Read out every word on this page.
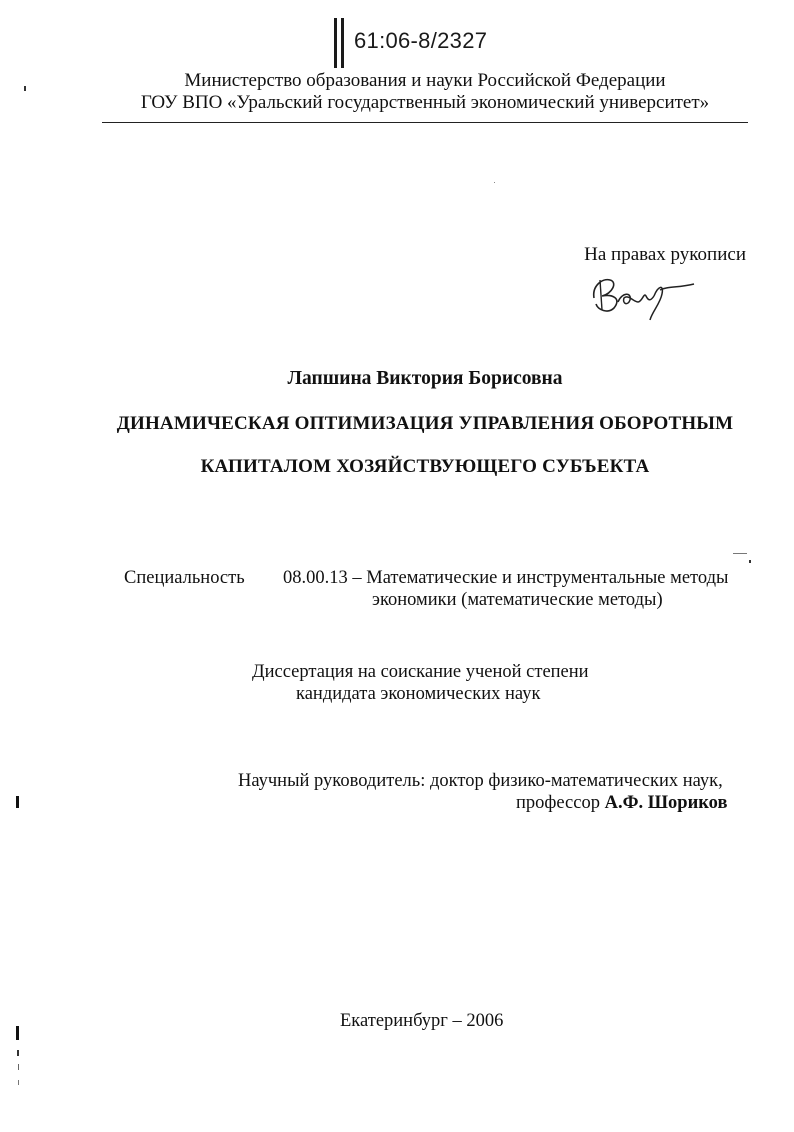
61:06-8/2327
Министерство образования и науки Российской Федерации
ГОУ ВПО «Уральский государственный экономический университет»
На правах рукописи
Лапшина Виктория Борисовна
ДИНАМИЧЕСКАЯ ОПТИМИЗАЦИЯ УПРАВЛЕНИЯ ОБОРОТНЫМ
КАПИТАЛОМ ХОЗЯЙСТВУЮЩЕГО СУБЪЕКТА
Специальность 08.00.13 – Математические и инструментальные методы
экономики (математические методы)
Диссертация на соискание ученой степени
кандидата экономических наук
Научный руководитель: доктор физико-математических наук,
профессор А.Ф. Шориков
Екатеринбург – 2006
